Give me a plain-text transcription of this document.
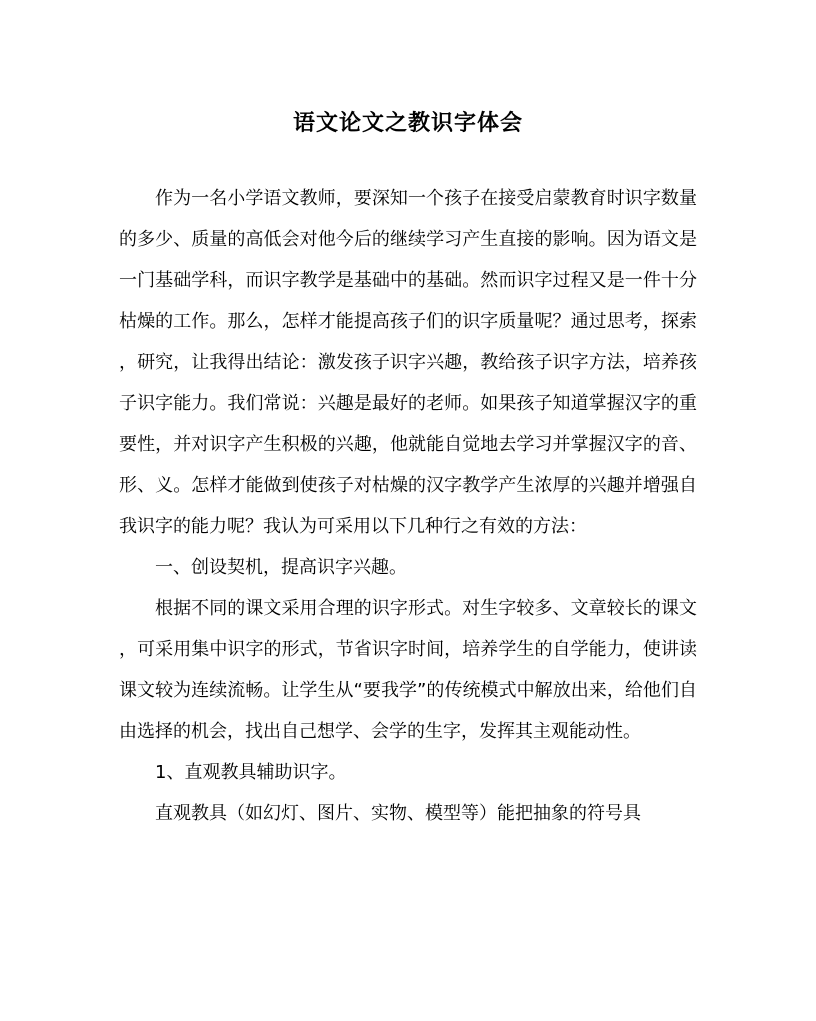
语文论文之教识字体会

作为一名小学语文教师，要深知一个孩子在接受启蒙教育时识字数量的多少、质量的高低会对他今后的继续学习产生直接的影响。因为语文是一门基础学科，而识字教学是基础中的基础。然而识字过程又是一件十分枯燥的工作。那么，怎样才能提高孩子们的识字质量呢？通过思考，探索，研究，让我得出结论：激发孩子识字兴趣，教给孩子识字方法，培养孩子识字能力。我们常说：兴趣是最好的老师。如果孩子知道掌握汉字的重要性，并对识字产生积极的兴趣，他就能自觉地去学习并掌握汉字的音、形、义。怎样才能做到使孩子对枯燥的汉字教学产生浓厚的兴趣并增强自我识字的能力呢？我认为可采用以下几种行之有效的方法：

一、创设契机，提高识字兴趣。

根据不同的课文采用合理的识字形式。对生字较多、文章较长的课文，可采用集中识字的形式，节省识字时间，培养学生的自学能力，使讲读课文较为连续流畅。让学生从“要我学”的传统模式中解放出来，给他们自由选择的机会，找出自己想学、会学的生字，发挥其主观能动性。

1、直观教具辅助识字。

直观教具（如幻灯、图片、实物、模型等）能把抽象的符号具
